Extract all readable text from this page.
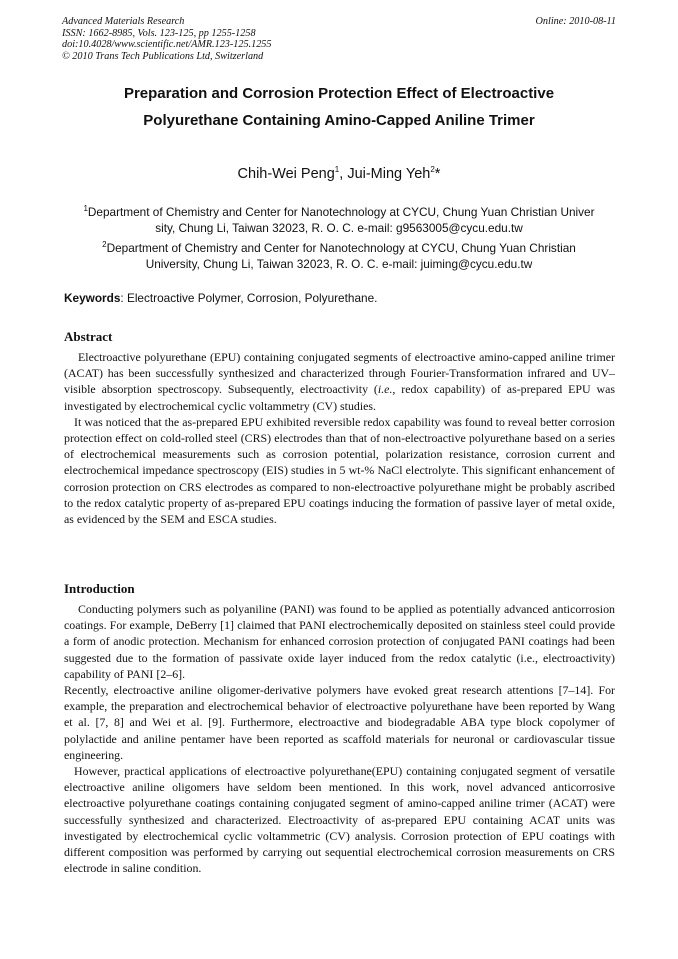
Advanced Materials Research
ISSN: 1662-8985, Vols. 123-125, pp 1255-1258
doi:10.4028/www.scientific.net/AMR.123-125.1255
© 2010 Trans Tech Publications Ltd, Switzerland
Online: 2010-08-11
Preparation and Corrosion Protection Effect of Electroactive
Polyurethane Containing Amino-Capped Aniline Trimer
Chih-Wei Peng$^1$, Jui-Ming Yeh$^2$*
$^1$Department of Chemistry and Center for Nanotechnology at CYCU, Chung Yuan Christian Univer
sity, Chung Li, Taiwan 32023, R. O. C. e-mail: g9563005@cycu.edu.tw
$^2$Department of Chemistry and Center for Nanotechnology at CYCU, Chung Yuan Christian
University, Chung Li, Taiwan 32023, R. O. C. e-mail: juiming@cycu.edu.tw
Keywords: Electroactive Polymer, Corrosion, Polyurethane.
Abstract

Electroactive polyurethane (EPU) containing conjugated segments of electroactive amino-capped aniline trimer (ACAT) has been successfully synthesized and characterized through Fourier-Transformation infrared and UV–visible absorption spectroscopy. Subsequently, electroactivity (i.e., redox capability) of as-prepared EPU was investigated by electrochemical cyclic voltammetry (CV) studies.

It was noticed that the as-prepared EPU exhibited reversible redox capability was found to reveal better corrosion protection effect on cold-rolled steel (CRS) electrodes than that of non-electroactive polyurethane based on a series of electrochemical measurements such as corrosion potential, polarization resistance, corrosion current and electrochemical impedance spectroscopy (EIS) studies in 5 wt-% NaCl electrolyte. This significant enhancement of corrosion protection on CRS electrodes as compared to non-electroactive polyurethane might be probably ascribed to the redox catalytic property of as-prepared EPU coatings inducing the formation of passive layer of metal oxide, as evidenced by the SEM and ESCA studies.

Introduction

Conducting polymers such as polyaniline (PANI) was found to be applied as potentially advanced anticorrosion coatings. For example, DeBerry [1] claimed that PANI electrochemically deposited on stainless steel could provide a form of anodic protection. Mechanism for enhanced corrosion protection of conjugated PANI coatings had been suggested due to the formation of passivate oxide layer induced from the redox catalytic (i.e., electroactivity) capability of PANI [2–6].

Recently, electroactive aniline oligomer-derivative polymers have evoked great research attentions [7–14]. For example, the preparation and electrochemical behavior of electroactive polyurethane have been reported by Wang et al. [7, 8] and Wei et al. [9]. Furthermore, electroactive and biodegradable ABA type block copolymer of polylactide and aniline pentamer have been reported as scaffold materials for neuronal or cardiovascular tissue engineering.

However, practical applications of electroactive polyurethane(EPU) containing conjugated segment of versatile electroactive aniline oligomers have seldom been mentioned. In this work, novel advanced anticorrosive electroactive polyurethane coatings containing conjugated segment of amino-capped aniline trimer (ACAT) were successfully synthesized and characterized. Electroactivity of as-prepared EPU containing ACAT units was investigated by electrochemical cyclic voltammetric (CV) analysis. Corrosion protection of EPU coatings with different composition was performed by carrying out sequential electrochemical corrosion measurements on CRS electrode in saline condition.
